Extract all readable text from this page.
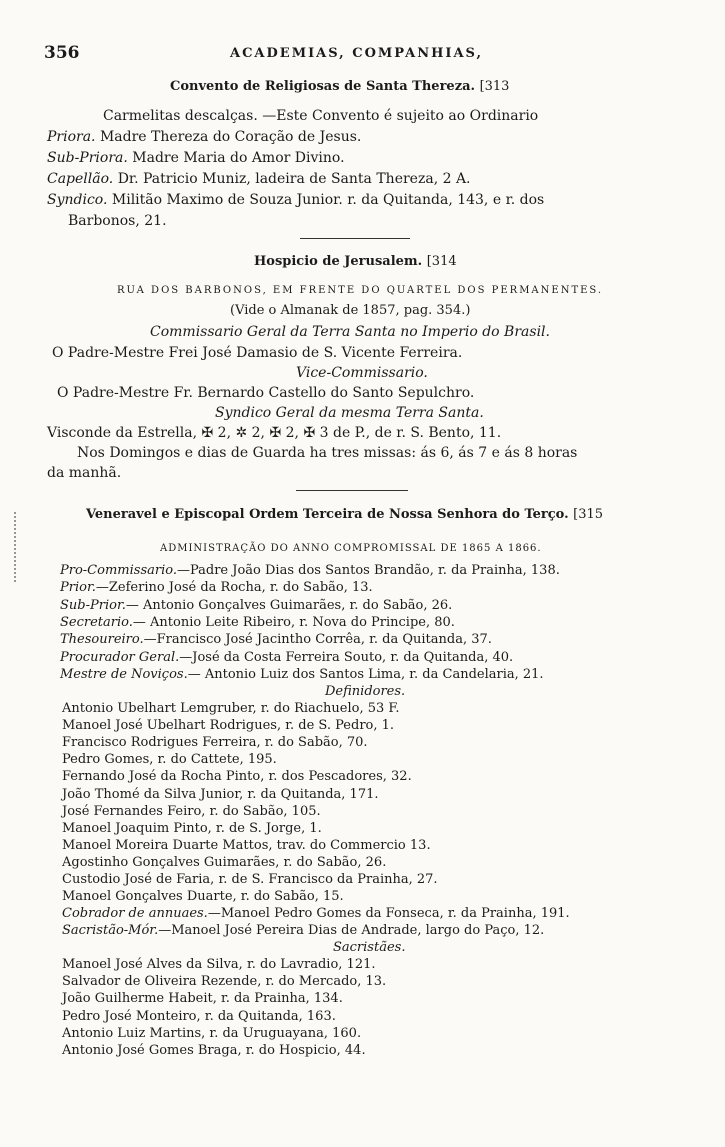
356	ACADEMIAS, COMPANHIAS,
Convento de Religiosas de Santa Thereza. [313
Carmelitas descalças. —Este Convento é sujeito ao Ordinario
Priora. Madre Thereza do Coração de Jesus.
Sub-Priora. Madre Maria do Amor Divino.
Capellão. Dr. Patricio Muniz, ladeira de Santa Thereza, 2 A.
Syndico. Militão Maximo de Souza Junior. r. da Quitanda, 143, e r. dos
Barbonos, 21.
Hospicio de Jerusalem. [314
RUA DOS BARBONOS, EM FRENTE DO QUARTEL DOS PERMANENTES.
(Vide o Almanak de 1857, pag. 354.)
Commissario Geral da Terra Santa no Imperio do Brasil.
O Padre-Mestre Frei José Damasio de S. Vicente Ferreira.
Vice-Commissario.
O Padre-Mestre Fr. Bernardo Castello do Santo Sepulchro.
Syndico Geral da mesma Terra Santa.
Visconde da Estrella, ✠ 2, ✲ 2, ✠ 2, ✠ 3 de P., de r. S. Bento, 11.
Nos Domingos e dias de Guarda ha tres missas: ás 6, ás 7 e ás 8 horas
da manhã.
Veneravel e Episcopal Ordem Terceira de Nossa Senhora do Terço. [315
ADMINISTRAÇÃO DO ANNO COMPROMISSAL DE 1865 A 1866.
Pro-Commissario.—Padre João Dias dos Santos Brandão, r. da Prainha, 138.
Prior.—Zeferino José da Rocha, r. do Sabão, 13.
Sub-Prior.— Antonio Gonçalves Guimarães, r. do Sabão, 26.
Secretario.— Antonio Leite Ribeiro, r. Nova do Principe, 80.
Thesoureiro.—Francisco José Jacintho Corrêa, r. da Quitanda, 37.
Procurador Geral.—José da Costa Ferreira Souto, r. da Quitanda, 40.
Mestre de Noviços.— Antonio Luiz dos Santos Lima, r. da Candelaria, 21.
Definidores.
Antonio Ubelhart Lemgruber, r. do Riachuelo, 53 F.
Manoel José Ubelhart Rodrigues, r. de S. Pedro, 1.
Francisco Rodrigues Ferreira, r. do Sabão, 70.
Pedro Gomes, r. do Cattete, 195.
Fernando José da Rocha Pinto, r. dos Pescadores, 32.
João Thomé da Silva Junior, r. da Quitanda, 171.
José Fernandes Feiro, r. do Sabão, 105.
Manoel Joaquim Pinto, r. de S. Jorge, 1.
Manoel Moreira Duarte Mattos, trav. do Commercio 13.
Agostinho Gonçalves Guimarães, r. do Sabão, 26.
Custodio José de Faria, r. de S. Francisco da Prainha, 27.
Manoel Gonçalves Duarte, r. do Sabão, 15.
Cobrador de annuaes.—Manoel Pedro Gomes da Fonseca, r. da Prainha, 191.
Sacristão-Mór.—Manoel José Pereira Dias de Andrade, largo do Paço, 12.
Sacristães.
Manoel José Alves da Silva, r. do Lavradio, 121.
Salvador de Oliveira Rezende, r. do Mercado, 13.
João Guilherme Habeit, r. da Prainha, 134.
Pedro José Monteiro, r. da Quitanda, 163.
Antonio Luiz Martins, r. da Uruguayana, 160.
Antonio José Gomes Braga, r. do Hospicio, 44.
